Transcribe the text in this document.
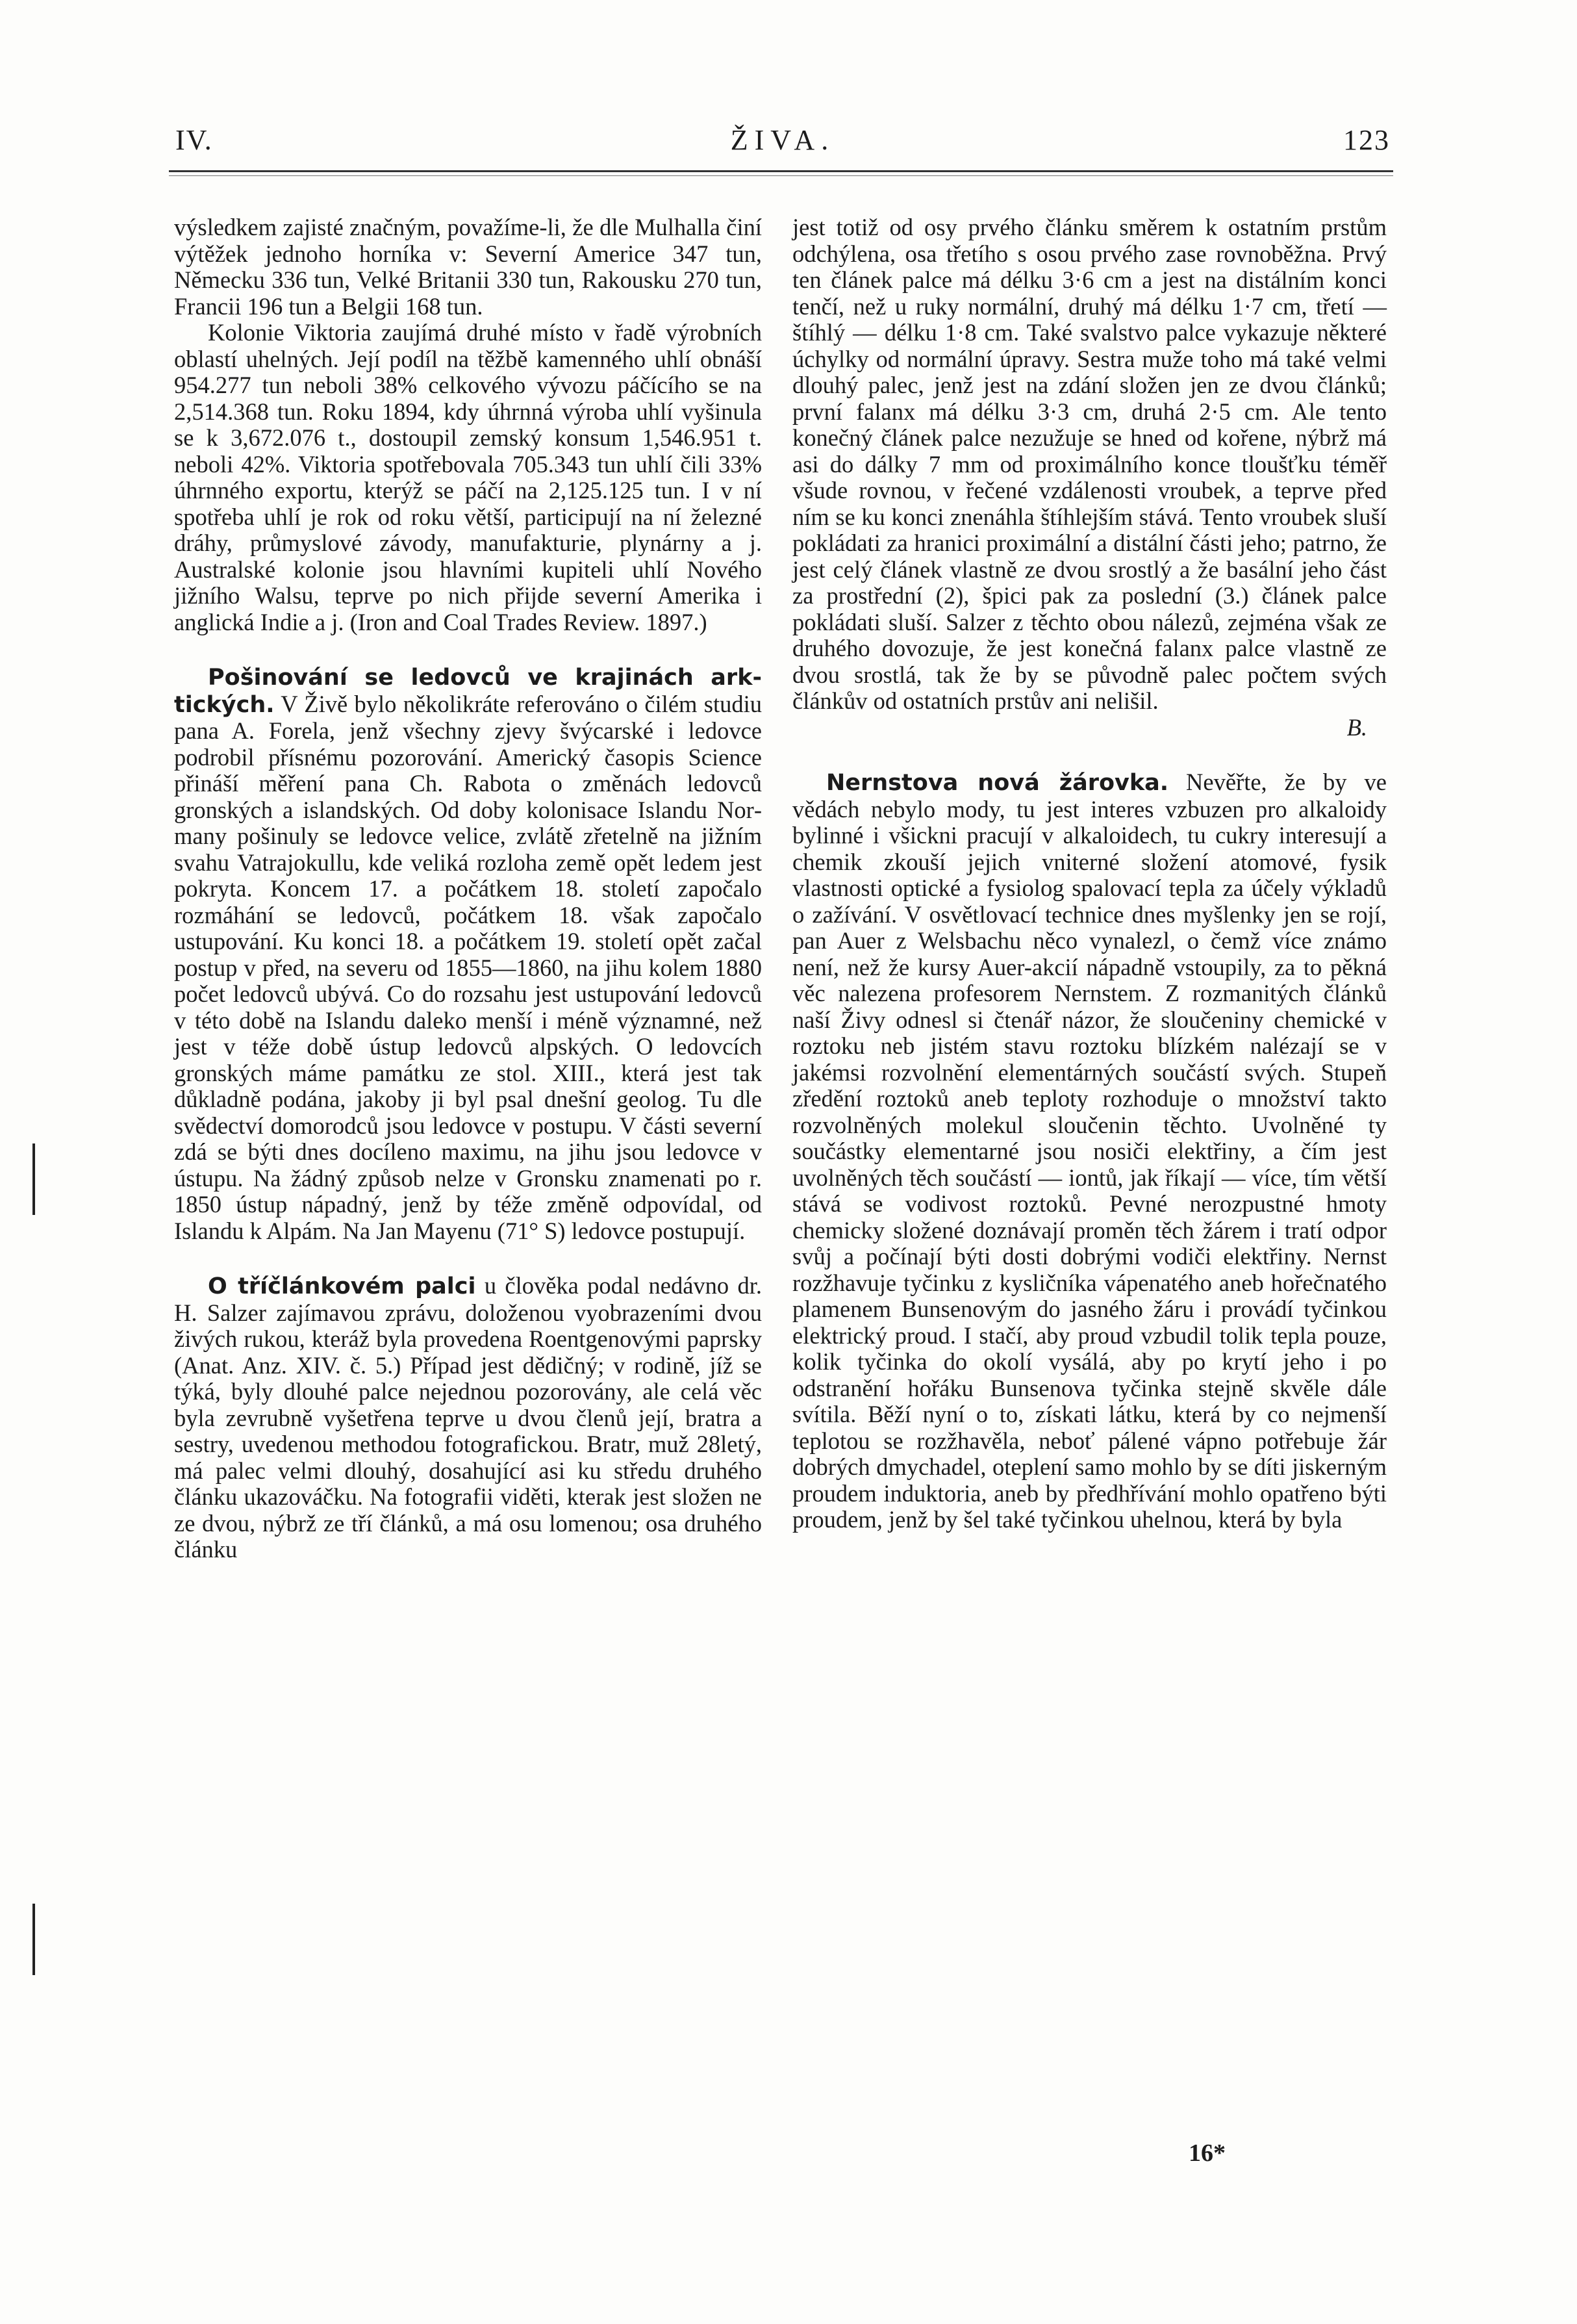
IV.	ŽIVA.	123

výsledkem zajisté značným, považíme-li, že dle Mulhalla činí výtěžek jednoho horníka v: Severní Americe 347 tun, Německu 336 tun, Velké Britanii 330 tun, Rakousku 270 tun, Francii 196 tun a Belgii 168 tun.

Kolonie Viktoria zaujímá druhé místo v řadě výrobních oblastí uhelných. Její podíl na těžbě kamenného uhlí obnáší 954.277 tun neboli 38% celkového vývozu páčícího se na 2,514.368 tun. Roku 1894, kdy úhrnná výroba uhlí vyšinula se k 3,672.076 t., dostoupil zemský konsum 1,546.951 t. neboli 42%. Viktoria spotřebovala 705.343 tun uhlí čili 33% úhrnného exportu, kterýž se páčí na 2,125.125 tun. I v ní spotřeba uhlí je rok od roku větší, participují na ní železné dráhy, průmyslové závody, manufakturie, plynárny a j. Australské kolonie jsou hlavními kupiteli uhlí Nového jižního Walsu, teprve po nich přijde severní Amerika i anglická Indie a j. (Iron and Coal Trades Review. 1897.)

Pošinování se ledovců ve krajinách arktických. V Živě bylo několikráte referováno o čilém studiu pana A. Forela, jenž všechny zjevy švýcarské i ledovce podrobil přísnému pozorování. Americký časopis Science přináší měření pana Ch. Rabota o změnách ledovců gronských a islandských. Od doby kolonisace Islandu Normany pošinuly se ledovce velice, zvlátě zřetelně na jižním svahu Vatrajokullu, kde veliká rozloha země opět ledem jest pokryta. Koncem 17. a počátkem 18. století započalo rozmáhání se ledovců, počátkem 18. však započalo ustupování. Ku konci 18. a počátkem 19. století opět začal postup v před, na severu od 1855—1860, na jihu kolem 1880 počet ledovců ubývá. Co do rozsahu jest ustupování ledovců v této době na Islandu daleko menší i méně významné, než jest v téže době ústup ledovců alpských. O ledovcích gronských máme památku ze stol. XIII., která jest tak důkladně podána, jakoby ji byl psal dnešní geolog. Tu dle svědectví domorodců jsou ledovce v postupu. V části severní zdá se býti dnes docíleno maximu, na jihu jsou ledovce v ústupu. Na žádný způsob nelze v Gronsku znamenati po r. 1850 ústup nápadný, jenž by téže změně odpovídal, od Islandu k Alpám. Na Jan Mayenu (71° S) ledovce postupují.

O tříčlánkovém palci u člověka podal nedávno dr. H. Salzer zajímavou zprávu, doloženou vyobrazeními dvou živých rukou, kteráž byla provedena Roentgenovými paprsky (Anat. Anz. XIV. č. 5.) Případ jest dědičný; v rodině, jíž se týká, byly dlouhé palce nejednou pozorovány, ale celá věc byla zevrubně vyšetřena teprve u dvou členů její, bratra a sestry, uvedenou methodou fotografickou. Bratr, muž 28letý, má palec velmi dlouhý, dosahující asi ku středu druhého článku ukazováčku. Na fotografii viděti, kterak jest složen ne ze dvou, nýbrž ze tří článků, a má osu lomenou; osa druhého článku

jest totiž od osy prvého článku směrem k ostatním prstům odchýlena, osa třetího s osou prvého zase rovnoběžna. Prvý ten článek palce má délku 3·6 cm a jest na distálním konci tenčí, než u ruky normální, druhý má délku 1·7 cm, třetí — štíhlý — délku 1·8 cm. Také svalstvo palce vykazuje některé úchylky od normální úpravy. Sestra muže toho má také velmi dlouhý palec, jenž jest na zdání složen jen ze dvou článků; první falanx má délku 3·3 cm, druhá 2·5 cm. Ale tento konečný článek palce nezužuje se hned od kořene, nýbrž má asi do dálky 7 mm od proximálního konce tloušťku téměř všude rovnou, v řečené vzdálenosti vroubek, a teprve před ním se ku konci znenáhla štíhlejším stává. Tento vroubek sluší pokládati za hranici proximální a distální části jeho; patrno, že jest celý článek vlastně ze dvou srostlý a že basální jeho část za prostřední (2), špici pak za poslední (3.) článek palce pokládati sluší. Salzer z těchto obou nálezů, zejména však ze druhého dovozuje, že jest konečná falanx palce vlastně ze dvou srostlá, tak že by se původně palec počtem svých článkův od ostatních prstův ani nelišil.

B.

Nernstova nová žárovka. Nevěřte, že by ve vědách nebylo mody, tu jest interes vzbuzen pro alkaloidy bylinné i všickni pracují v alkaloidech, tu cukry interesují a chemik zkouší jejich vniterné složení atomové, fysik vlastnosti optické a fysiolog spalovací tepla za účely výkladů o zažívání. V osvětlovací technice dnes myšlenky jen se rojí, pan Auer z Welsbachu něco vynalezl, o čemž více známo není, než že kursy Auer-akcií nápadně vstoupily, za to pěkná věc nalezena profesorem Nernstem. Z rozmanitých článků naší Živy odnesl si čtenář názor, že sloučeniny chemické v roztoku neb jistém stavu roztoku blízkém nalézají se v jakémsi rozvolnění elementárných součástí svých. Stupeň zředění roztoků aneb teploty rozhoduje o množství takto rozvolněných molekul sloučenin těchto. Uvolněné ty součástky elementarné jsou nosiči elektřiny, a čím jest uvolněných těch součástí — iontů, jak říkají — více, tím větší stává se vodivost roztoků. Pevné nerozpustné hmoty chemicky složené doznávají proměn těch žárem i tratí odpor svůj a počínají býti dosti dobrými vodiči elektřiny. Nernst rozžhavuje tyčinku z kysličníka vápenatého aneb hořečnatého plamenem Bunsenovým do jasného žáru i provádí tyčinkou elektrický proud. I stačí, aby proud vzbudil tolik tepla pouze, kolik tyčinka do okolí vysálá, aby po krytí jeho i po odstranění hořáku Bunsenova tyčinka stejně skvěle dále svítila. Běží nyní o to, získati látku, která by co nejmenší teplotou se rozžhavěla, neboť pálené vápno potřebuje žár dobrých dmychadel, oteplení samo mohlo by se díti jiskerným proudem induktoria, aneb by předhřívání mohlo opatřeno býti proudem, jenž by šel také tyčinkou uhelnou, která by byla

16*
